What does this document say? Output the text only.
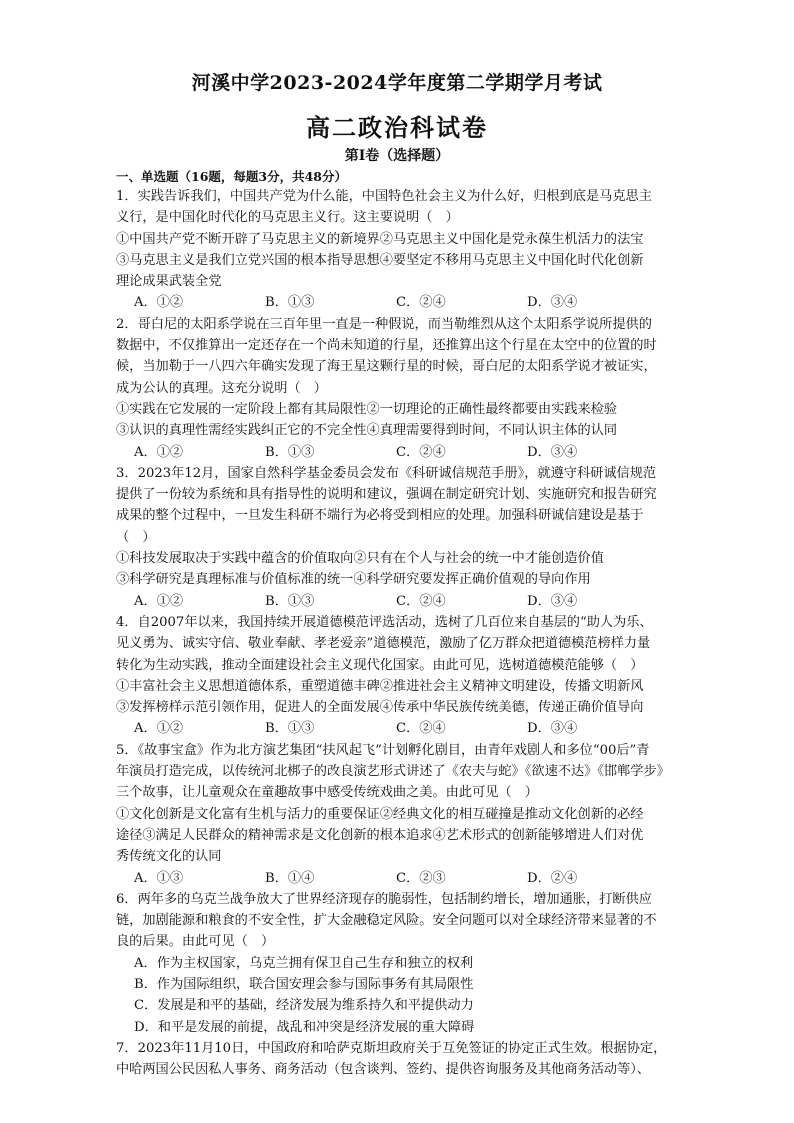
河溪中学2023-2024学年度第二学期学月考试
高二政治科试卷
第Ⅰ卷（选择题）
一、单选题（16题，每题3分，共48分）
1．实践告诉我们，中国共产党为什么能，中国特色社会主义为什么好，归根到底是马克思主
义行，是中国化时代化的马克思主义行。这主要说明（　）
①中国共产党不断开辟了马克思主义的新境界②马克思主义中国化是党永葆生机活力的法宝
③马克思主义是我们立党兴国的根本指导思想④要坚定不移用马克思主义中国化时代化创新
理论成果武装全党
A．①②	B．①③	C．②④	D．③④
2．哥白尼的太阳系学说在三百年里一直是一种假说，而当勒维烈从这个太阳系学说所提供的
数据中，不仅推算出一定还存在一个尚未知道的行星，还推算出这个行星在太空中的位置的时
候，当加勒于一八四六年确实发现了海王星这颗行星的时候，哥白尼的太阳系学说才被证实，
成为公认的真理。这充分说明（　）
①实践在它发展的一定阶段上都有其局限性②一切理论的正确性最终都要由实践来检验
③认识的真理性需经实践纠正它的不完全性④真理需要得到时间，不同认识主体的认同
A．①②	B．①③	C．②④	D．③④
3．2023年12月，国家自然科学基金委员会发布《科研诚信规范手册》，就遵守科研诚信规范
提供了一份较为系统和具有指导性的说明和建议，强调在制定研究计划、实施研究和报告研究
成果的整个过程中，一旦发生科研不端行为必将受到相应的处理。加强科研诚信建设是基于
（　）
①科技发展取决于实践中蕴含的价值取向②只有在个人与社会的统一中才能创造价值
③科学研究是真理标准与价值标准的统一④科学研究要发挥正确价值观的导向作用
A．①②	B．①③	C．②④	D．③④
4．自2007年以来，我国持续开展道德模范评选活动，选树了几百位来自基层的“助人为乐、
见义勇为、诚实守信、敬业奉献、孝老爱亲”道德模范，激励了亿万群众把道德模范榜样力量
转化为生动实践，推动全面建设社会主义现代化国家。由此可见，选树道德模范能够（　）
①丰富社会主义思想道德体系，重塑道德丰碑②推进社会主义精神文明建设，传播文明新风
③发挥榜样示范引领作用，促进人的全面发展④传承中华民族传统美德，传递正确价值导向
A．①②	B．①③	C．②④	D．③④
5．《故事宝盒》作为北方演艺集团“扶风起飞”计划孵化剧目，由青年戏剧人和多位“00后”青
年演员打造完成，以传统河北梆子的改良演艺形式讲述了《农夫与蛇》《欲速不达》《邯郸学步》
三个故事，让儿童观众在童趣故事中感受传统戏曲之美。由此可见（　）
①文化创新是文化富有生机与活力的重要保证②经典文化的相互碰撞是推动文化创新的必经
途径③满足人民群众的精神需求是文化创新的根本追求④艺术形式的创新能够增进人们对优
秀传统文化的认同
A．①③	B．①④	C．②③	D．②④
6．两年多的乌克兰战争放大了世界经济现存的脆弱性，包括制约增长，增加通胀，打断供应
链，加剧能源和粮食的不安全性，扩大金融稳定风险。安全问题可以对全球经济带来显著的不
良的后果。由此可见（　）
A．作为主权国家，乌克兰拥有保卫自己生存和独立的权利
B．作为国际组织，联合国安理会参与国际事务有其局限性
C．发展是和平的基础，经济发展为维系持久和平提供动力
D．和平是发展的前提，战乱和冲突是经济发展的重大障碍
7．2023年11月10日，中国政府和哈萨克斯坦政府关于互免签证的协定正式生效。根据协定，
中哈两国公民因私人事务、商务活动（包含谈判、签约、提供咨询服务及其他商务活动等）、
